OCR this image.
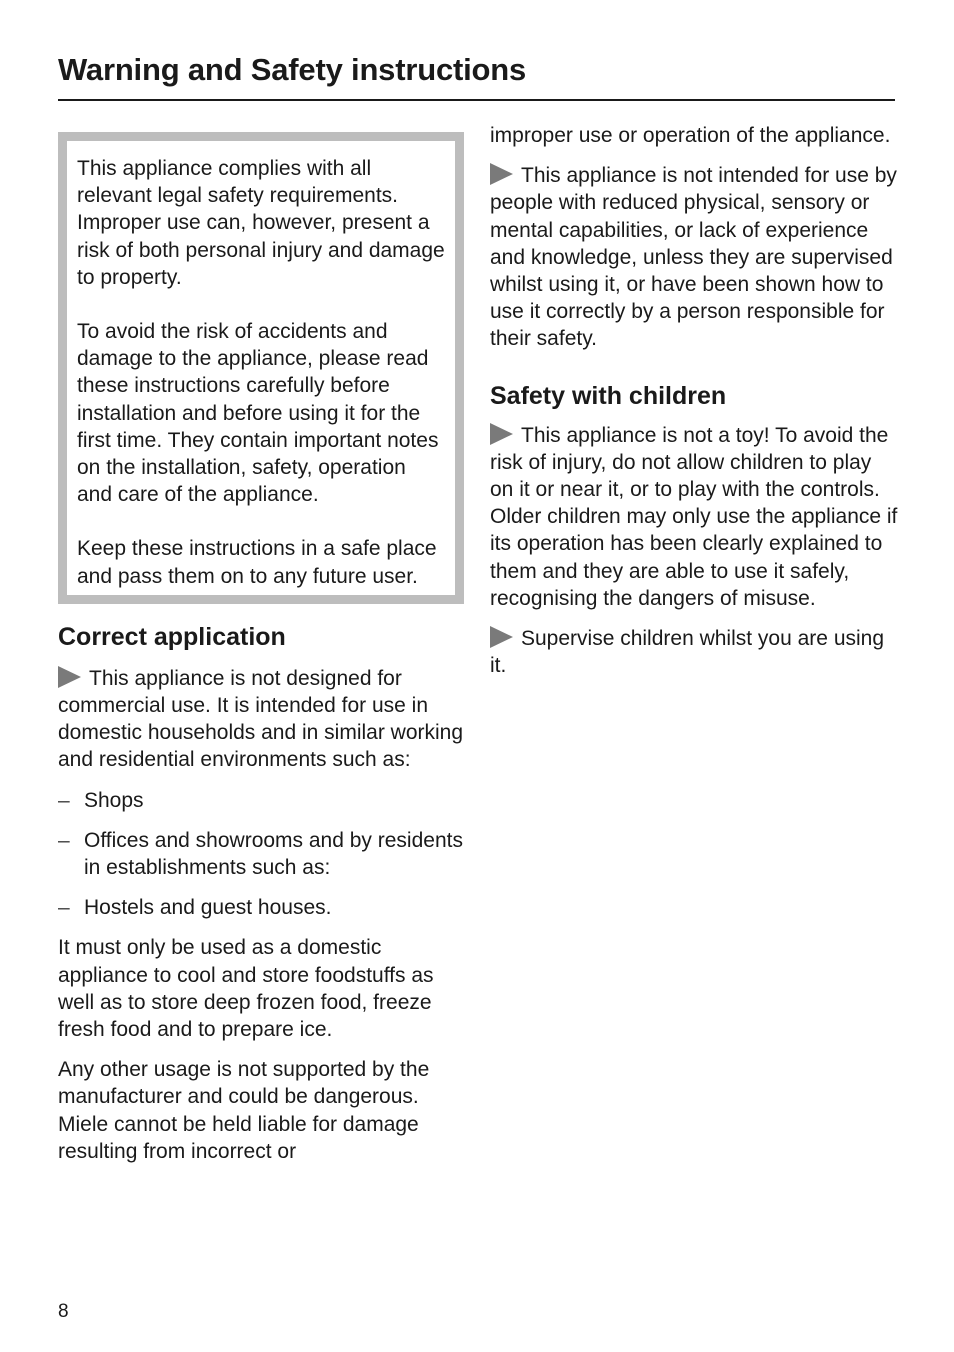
Warning and Safety instructions

This appliance complies with all relevant legal safety requirements. Improper use can, however, present a risk of both personal injury and damage to property.

To avoid the risk of accidents and damage to the appliance, please read these instructions carefully before installation and before using it for the first time. They contain important notes on the installation, safety, operation and care of the appliance.

Keep these instructions in a safe place and pass them on to any future user.

Correct application

This appliance is not designed for commercial use. It is intended for use in domestic households and in similar working and residential environments such as:

– Shops
– Offices and showrooms and by residents in establishments such as:
– Hostels and guest houses.

It must only be used as a domestic appliance to cool and store foodstuffs as well as to store deep frozen food, freeze fresh food and to prepare ice.

Any other usage is not supported by the manufacturer and could be dangerous. Miele cannot be held liable for damage resulting from incorrect or

improper use or operation of the appliance.

This appliance is not intended for use by people with reduced physical, sensory or mental capabilities, or lack of experience and knowledge, unless they are supervised whilst using it, or have been shown how to use it correctly by a person responsible for their safety.

Safety with children

This appliance is not a toy! To avoid the risk of injury, do not allow children to play on it or near it, or to play with the controls. Older children may only use the appliance if its operation has been clearly explained to them and they are able to use it safely, recognising the dangers of misuse.

Supervise children whilst you are using it.

8
